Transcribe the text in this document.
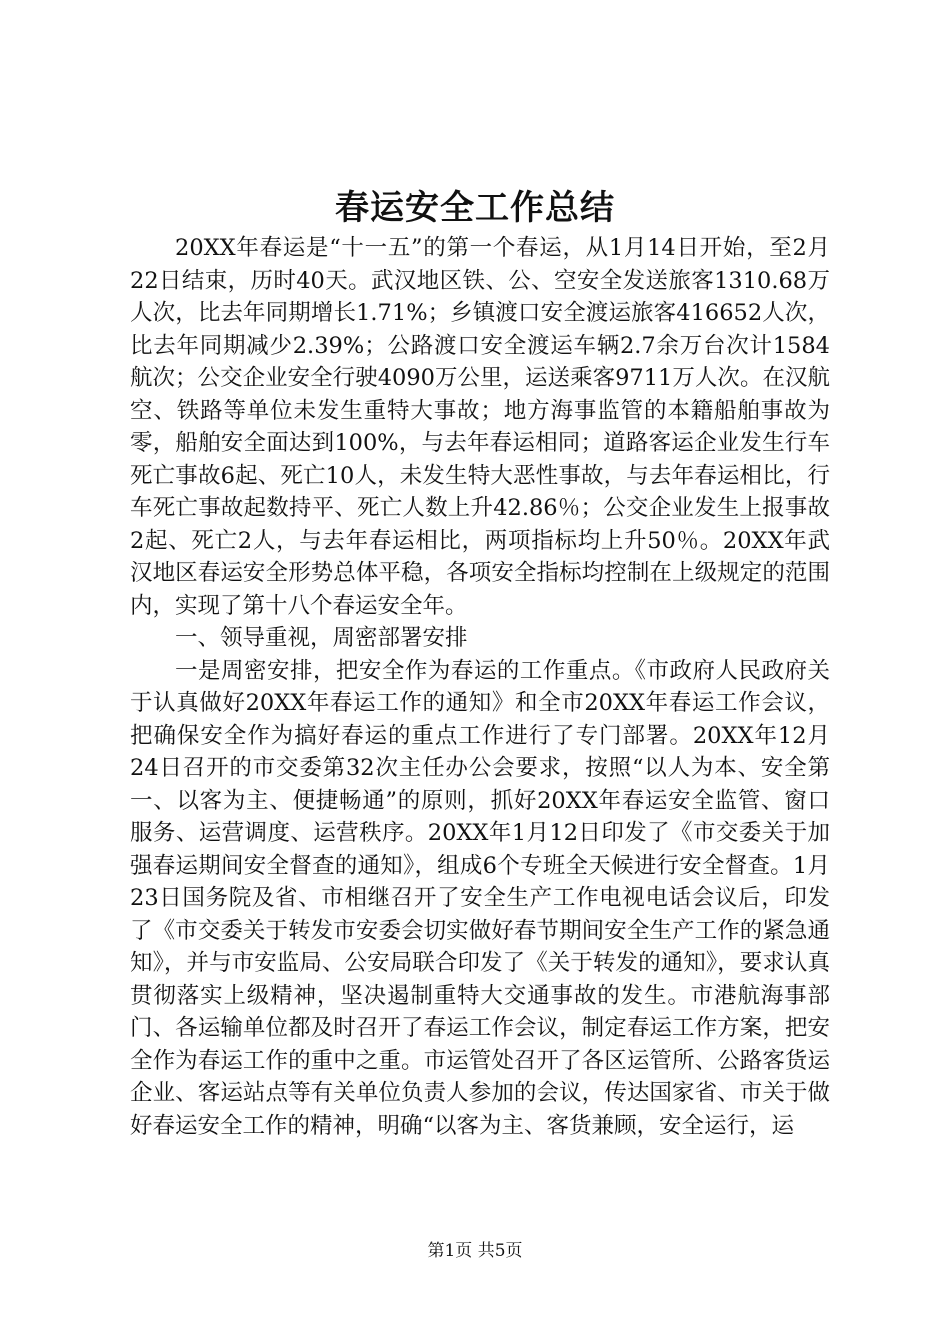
春运安全工作总结

20XX年春运是“十一五”的第一个春运，从1月14日开始，至2月22日结束，历时40天。武汉地区铁、公、空安全发送旅客1310.68万人次，比去年同期增长1.71%；乡镇渡口安全渡运旅客416652人次，比去年同期减少2.39%；公路渡口安全渡运车辆2.7余万台次计1584航次；公交企业安全行驶4090万公里，运送乘客9711万人次。在汉航空、铁路等单位未发生重特大事故；地方海事监管的本籍船舶事故为零，船舶安全面达到100%，与去年春运相同；道路客运企业发生行车死亡事故6起、死亡10人，未发生特大恶性事故，与去年春运相比，行车死亡事故起数持平、死亡人数上升42.86％；公交企业发生上报事故2起、死亡2人，与去年春运相比，两项指标均上升50％。20XX年武汉地区春运安全形势总体平稳，各项安全指标均控制在上级规定的范围内，实现了第十八个春运安全年。

一、领导重视，周密部署安排

一是周密安排，把安全作为春运的工作重点。《市政府人民政府关于认真做好20XX年春运工作的通知》和全市20XX年春运工作会议，把确保安全作为搞好春运的重点工作进行了专门部署。20XX年12月24日召开的市交委第32次主任办公会要求，按照“以人为本、安全第一、以客为主、便捷畅通”的原则，抓好20XX年春运安全监管、窗口服务、运营调度、运营秩序。20XX年1月12日印发了《市交委关于加强春运期间安全督查的通知》，组成6个专班全天候进行安全督查。1月23日国务院及省、市相继召开了安全生产工作电视电话会议后，印发了《市交委关于转发市安委会切实做好春节期间安全生产工作的紧急通知》，并与市安监局、公安局联合印发了《关于转发的通知》，要求认真贯彻落实上级精神，坚决遏制重特大交通事故的发生。市港航海事部门、各运输单位都及时召开了春运工作会议，制定春运工作方案，把安全作为春运工作的重中之重。市运管处召开了各区运管所、公路客货运企业、客运站点等有关单位负责人参加的会议，传达国家省、市关于做好春运安全工作的精神，明确“以客为主、客货兼顾，安全运行，运

第1页 共5页
